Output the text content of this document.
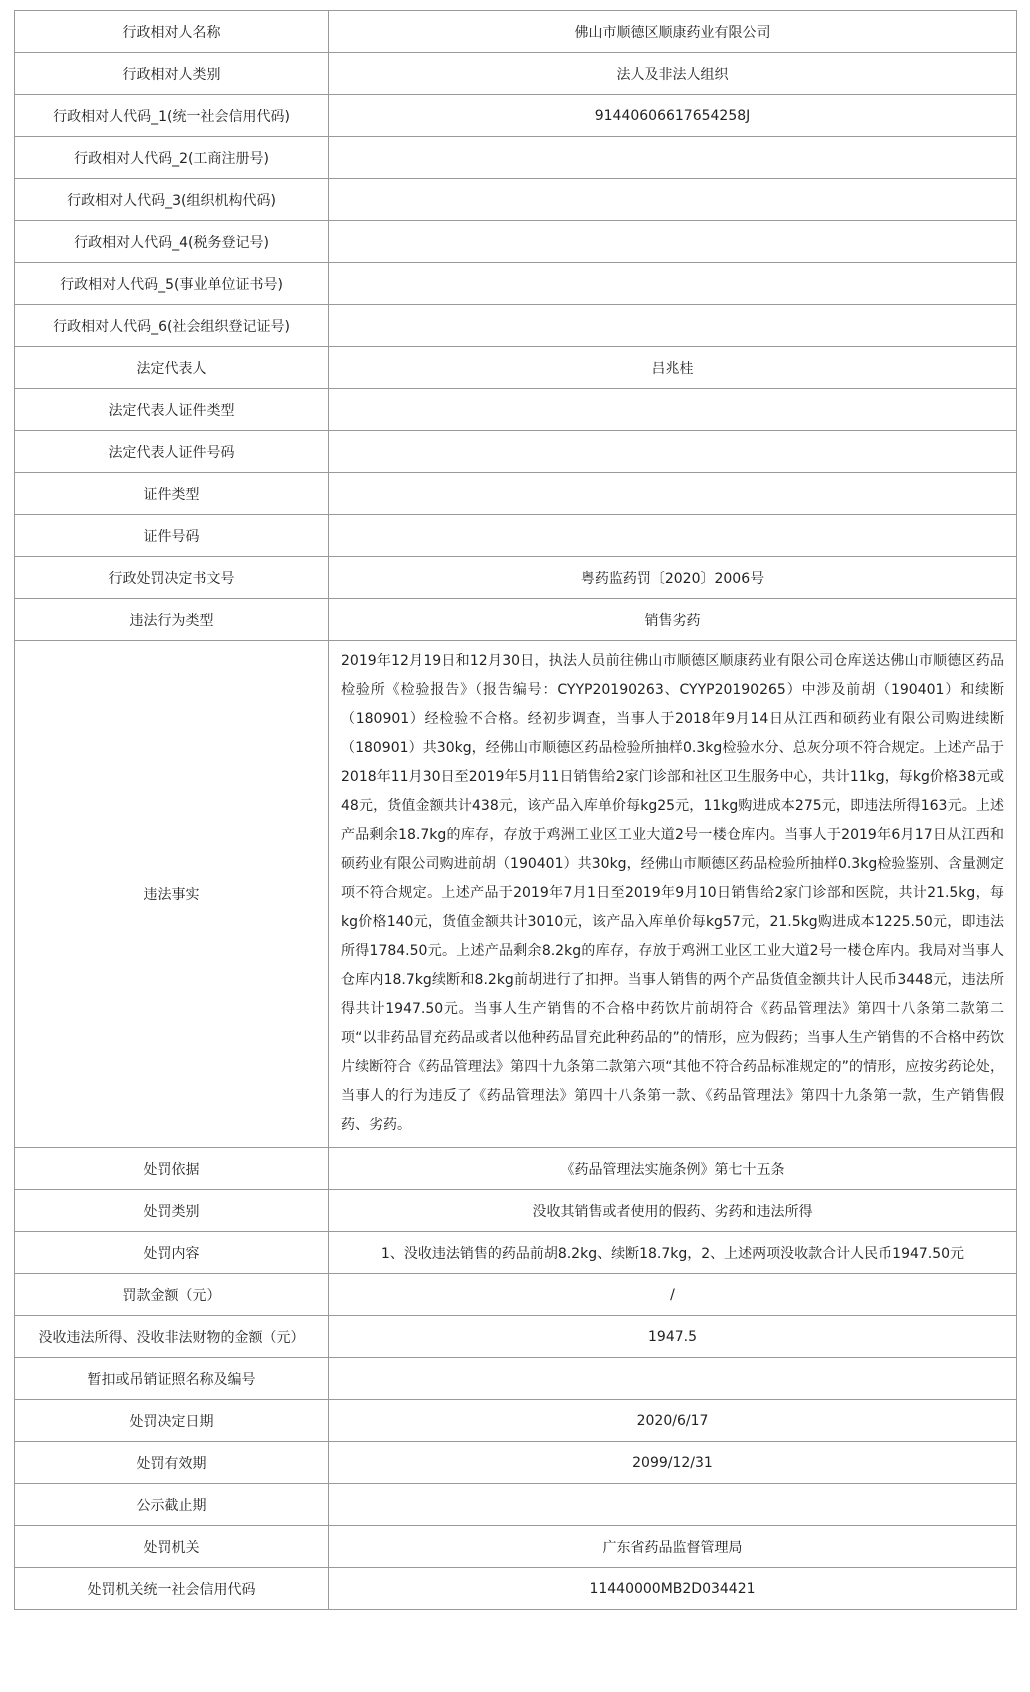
行政相对人名称	佛山市顺德区顺康药业有限公司
行政相对人类别	法人及非法人组织
行政相对人代码_1(统一社会信用代码)	91440606617654258J
行政相对人代码_2(工商注册号)	
行政相对人代码_3(组织机构代码)	
行政相对人代码_4(税务登记号)	
行政相对人代码_5(事业单位证书号)	
行政相对人代码_6(社会组织登记证号)	
法定代表人	吕兆桂
法定代表人证件类型	
法定代表人证件号码	
证件类型	
证件号码	
行政处罚决定书文号	粤药监药罚〔2020〕2006号
违法行为类型	销售劣药
违法事实	2019年12月19日和12月30日，执法人员前往佛山市顺德区顺康药业有限公司仓库送达佛山市顺德区药品检验所《检验报告》（报告编号：CYYP20190263、CYYP20190265）中涉及前胡（190401）和续断（180901）经检验不合格。经初步调查，当事人于2018年9月14日从江西和硕药业有限公司购进续断（180901）共30kg，经佛山市顺德区药品检验所抽样0.3kg检验水分、总灰分项不符合规定。上述产品于2018年11月30日至2019年5月11日销售给2家门诊部和社区卫生服务中心，共计11kg，每kg价格38元或48元，货值金额共计438元，该产品入库单价每kg25元，11kg购进成本275元，即违法所得163元。上述产品剩余18.7kg的库存，存放于鸡洲工业区工业大道2号一楼仓库内。当事人于2019年6月17日从江西和硕药业有限公司购进前胡（190401）共30kg，经佛山市顺德区药品检验所抽样0.3kg检验鉴别、含量测定项不符合规定。上述产品于2019年7月1日至2019年9月10日销售给2家门诊部和医院，共计21.5kg，每kg价格140元，货值金额共计3010元，该产品入库单价每kg57元，21.5kg购进成本1225.50元，即违法所得1784.50元。上述产品剩余8.2kg的库存，存放于鸡洲工业区工业大道2号一楼仓库内。我局对当事人仓库内18.7kg续断和8.2kg前胡进行了扣押。当事人销售的两个产品货值金额共计人民币3448元，违法所得共计1947.50元。当事人生产销售的不合格中药饮片前胡符合《药品管理法》第四十八条第二款第二项“以非药品冒充药品或者以他种药品冒充此种药品的”的情形，应为假药；当事人生产销售的不合格中药饮片续断符合《药品管理法》第四十九条第二款第六项“其他不符合药品标准规定的”的情形，应按劣药论处，当事人的行为违反了《药品管理法》第四十八条第一款、《药品管理法》第四十九条第一款，生产销售假药、劣药。
处罚依据	《药品管理法实施条例》第七十五条
处罚类别	没收其销售或者使用的假药、劣药和违法所得
处罚内容	1、没收违法销售的药品前胡8.2kg、续断18.7kg，2、上述两项没收款合计人民币1947.50元
罚款金额（元）	/
没收违法所得、没收非法财物的金额（元）	1947.5
暂扣或吊销证照名称及编号	
处罚决定日期	2020/6/17
处罚有效期	2099/12/31
公示截止期	
处罚机关	广东省药品监督管理局
处罚机关统一社会信用代码	11440000MB2D034421
